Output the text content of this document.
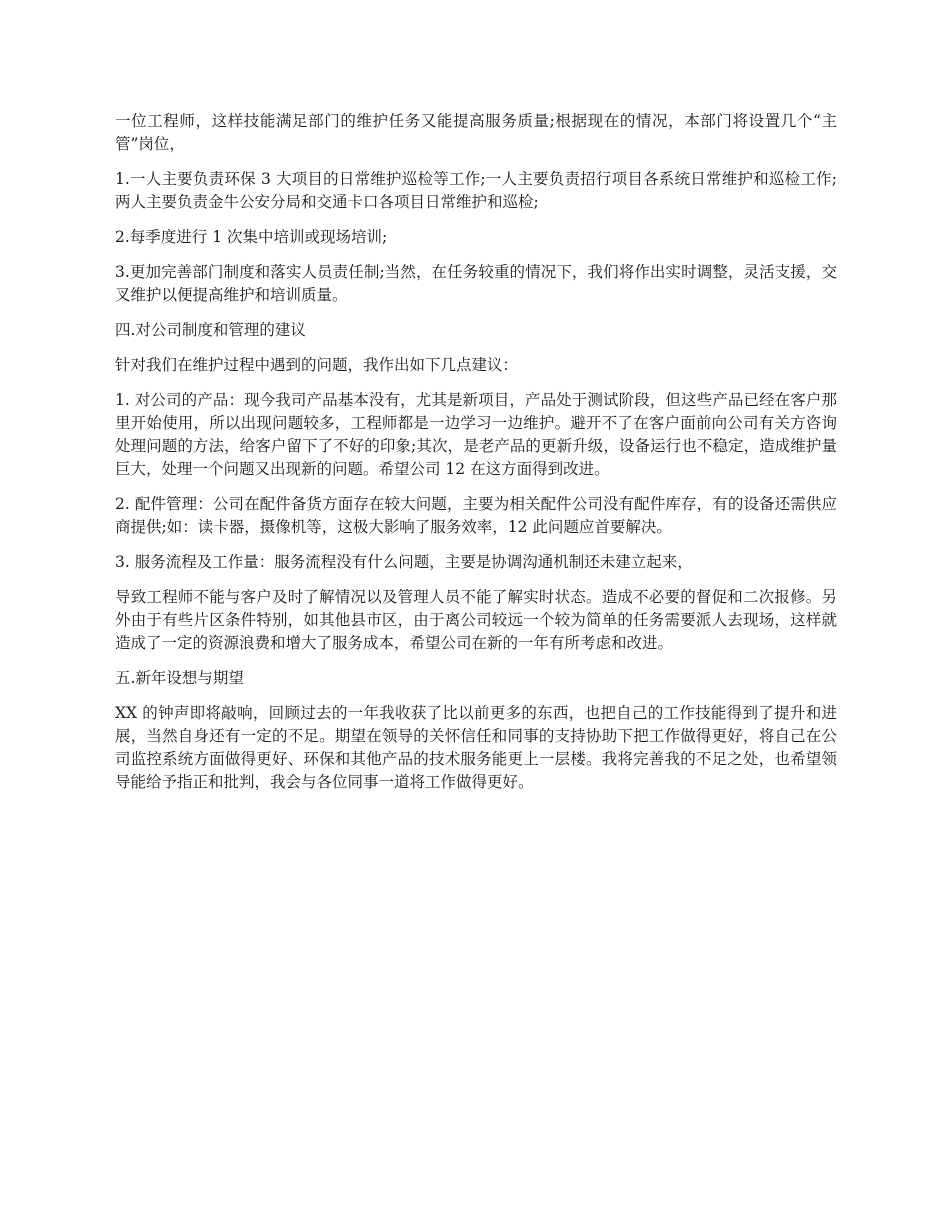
一位工程师，这样技能满足部门的维护任务又能提高服务质量;根据现在的情况，本部门将设置几个“主管”岗位，

1.一人主要负责环保 3 大项目的日常维护巡检等工作;一人主要负责招行项目各系统日常维护和巡检工作;两人主要负责金牛公安分局和交通卡口各项目日常维护和巡检;

2.每季度进行 1 次集中培训或现场培训;

3.更加完善部门制度和落实人员责任制;当然，在任务较重的情况下，我们将作出实时调整，灵活支援，交叉维护以便提高维护和培训质量。

四.对公司制度和管理的建议

针对我们在维护过程中遇到的问题，我作出如下几点建议：

1. 对公司的产品：现今我司产品基本没有，尤其是新项目，产品处于测试阶段，但这些产品已经在客户那里开始使用，所以出现问题较多，工程师都是一边学习一边维护。避开不了在客户面前向公司有关方咨询处理问题的方法，给客户留下了不好的印象;其次，是老产品的更新升级，设备运行也不稳定，造成维护量巨大，处理一个问题又出现新的问题。希望公司 12 在这方面得到改进。

2. 配件管理：公司在配件备货方面存在较大问题，主要为相关配件公司没有配件库存，有的设备还需供应商提供;如：读卡器，摄像机等，这极大影响了服务效率，12 此问题应首要解决。

3. 服务流程及工作量：服务流程没有什么问题，主要是协调沟通机制还未建立起来，

导致工程师不能与客户及时了解情况以及管理人员不能了解实时状态。造成不必要的督促和二次报修。另外由于有些片区条件特别，如其他县市区，由于离公司较远一个较为简单的任务需要派人去现场，这样就造成了一定的资源浪费和增大了服务成本，希望公司在新的一年有所考虑和改进。

五.新年设想与期望

XX 的钟声即将敲响，回顾过去的一年我收获了比以前更多的东西，也把自己的工作技能得到了提升和进展，当然自身还有一定的不足。期望在领导的关怀信任和同事的支持协助下把工作做得更好，将自己在公司监控系统方面做得更好、环保和其他产品的技术服务能更上一层楼。我将完善我的不足之处，也希望领导能给予指正和批判，我会与各位同事一道将工作做得更好。
